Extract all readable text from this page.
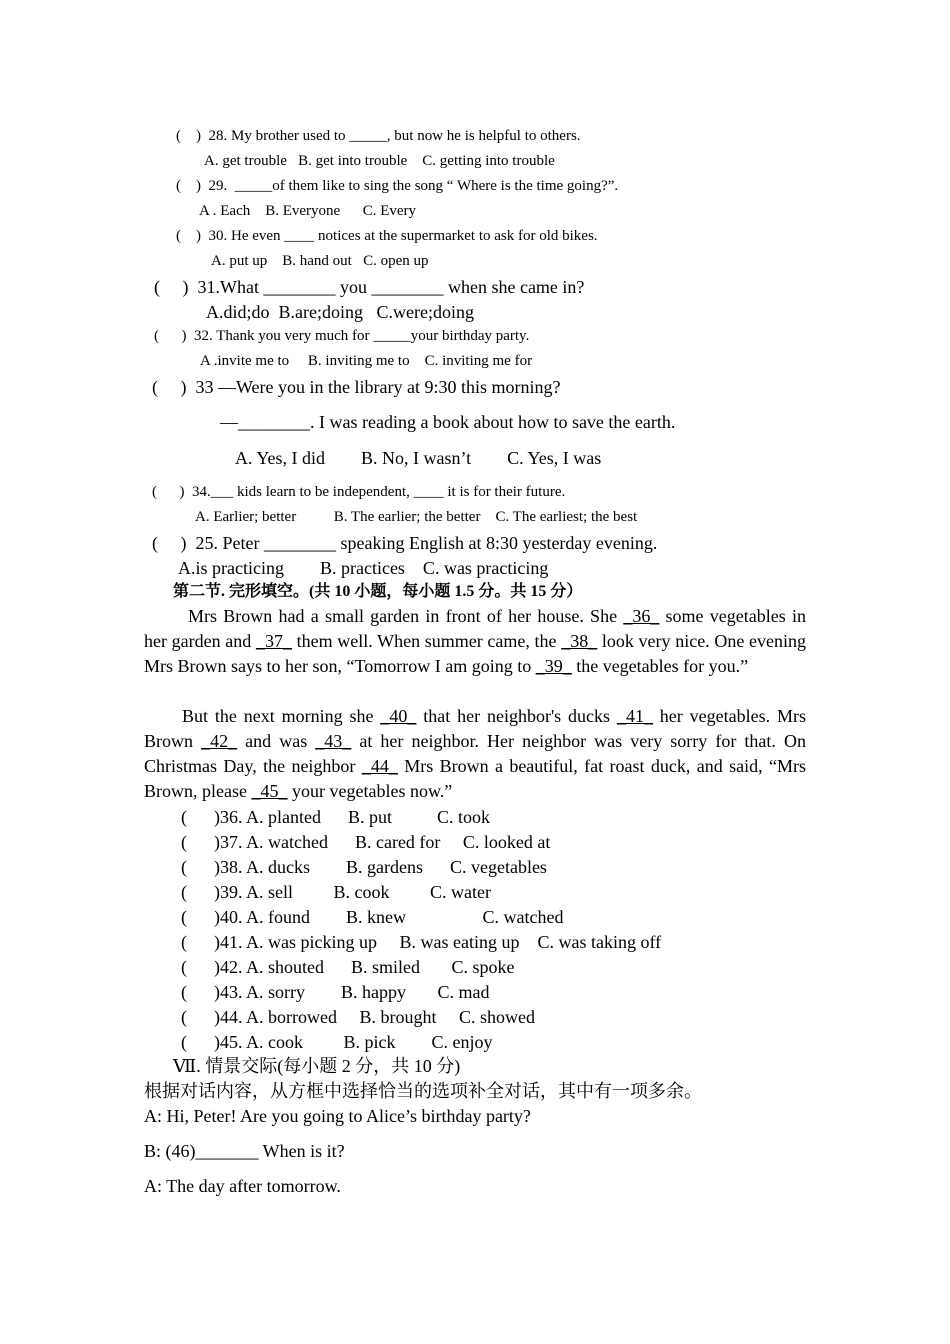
(    )  28. My brother used to _____, but now he is helpful to others.
A. get trouble   B. get into trouble    C. getting into trouble
(    )  29.  _____of them like to sing the song “ Where is the time going?”.
A . Each    B. Everyone      C. Every
(    )  30. He even ____ notices at the supermarket to ask for old bikes.
A. put up    B. hand out   C. open up
(     )  31.What ________ you ________ when she came in?
A.did;do  B.are;doing   C.were;doing
(      )  32. Thank you very much for _____your birthday party.
A .invite me to     B. inviting me to    C. inviting me for
(     )  33 —Were you in the library at 9:30 this morning?
—________. I was reading a book about how to save the earth.
A. Yes, I did        B. No, I wasn’t        C. Yes, I was
(      )  34.___ kids learn to be independent, ____ it is for their future.
A. Earlier; better          B. The earlier; the better    C. The earliest; the best
(     )  25. Peter ________ speaking English at 8:30 yesterday evening.
A.is practicing        B. practices    C. was practicing
第二节. 完形填空。(共 10 小题，每小题 1.5 分。共 15 分）
Mrs Brown had a small garden in front of her house. She _36_ some vegetables in her garden and _37_ them well. When summer came, the _38_ look very nice. One evening Mrs Brown says to her son, “Tomorrow I am going to _39_ the vegetables for you.”
But the next morning she _40_ that her neighbor's ducks _41_ her vegetables. Mrs Brown _42_ and was _43_ at her neighbor. Her neighbor was very sorry for that. On Christmas Day, the neighbor _44_ Mrs Brown a beautiful, fat roast duck, and said, “Mrs Brown, please _45_ your vegetables now.”
(      )36. A. planted      B. put          C. took
(      )37. A. watched      B. cared for     C. looked at
(      )38. A. ducks        B. gardens      C. vegetables
(      )39. A. sell         B. cook         C. water
(      )40. A. found        B. knew                 C. watched
(      )41. A. was picking up     B. was eating up    C. was taking off
(      )42. A. shouted      B. smiled       C. spoke
(      )43. A. sorry        B. happy       C. mad
(      )44. A. borrowed     B. brought     C. showed
(      )45. A. cook         B. pick        C. enjoy
Ⅶ. 情景交际(每小题 2 分，共 10 分)
根据对话内容，从方框中选择恰当的选项补全对话，其中有一项多余。
A: Hi, Peter! Are you going to Alice’s birthday party?
B: (46)_______ When is it?
A: The day after tomorrow.
